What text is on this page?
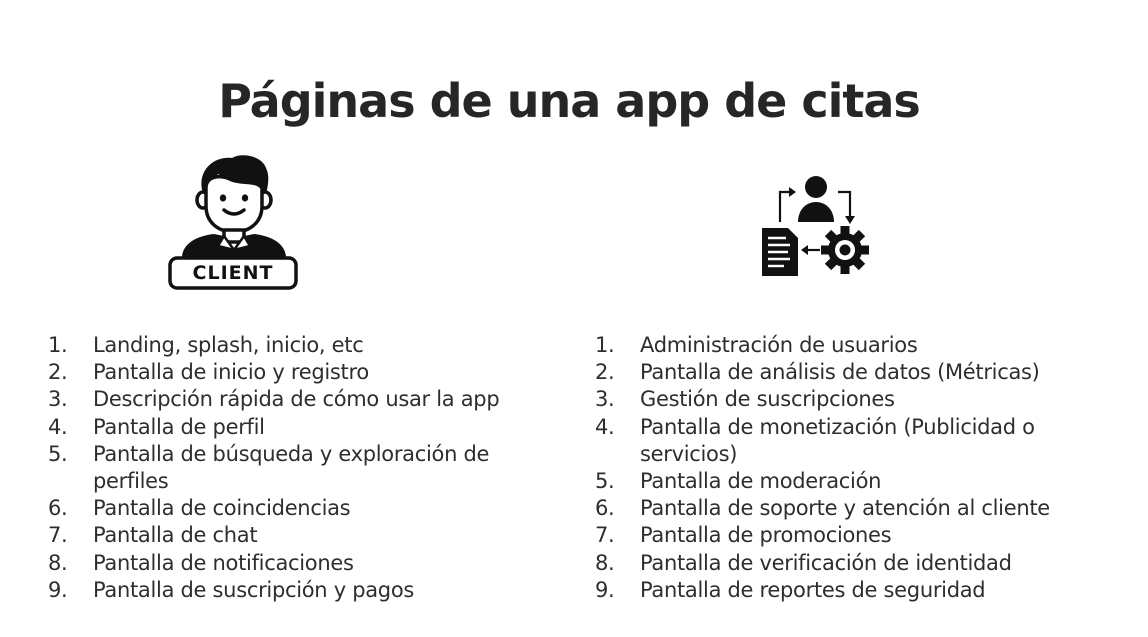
Páginas de una app de citas
CLIENT
1.	Landing, splash, inicio, etc
2.	Pantalla de inicio y registro
3.	Descripción rápida de cómo usar la app
4.	Pantalla de perfil
5.	Pantalla de búsqueda y exploración de perfiles
6.	Pantalla de coincidencias
7.	Pantalla de chat
8.	Pantalla de notificaciones
9.	Pantalla de suscripción y pagos
1.	Administración de usuarios
2.	Pantalla de análisis de datos (Métricas)
3.	Gestión de suscripciones
4.	Pantalla de monetización (Publicidad o servicios)
5.	Pantalla de moderación
6.	Pantalla de soporte y atención al cliente
7.	Pantalla de promociones
8.	Pantalla de verificación de identidad
9.	Pantalla de reportes de seguridad
